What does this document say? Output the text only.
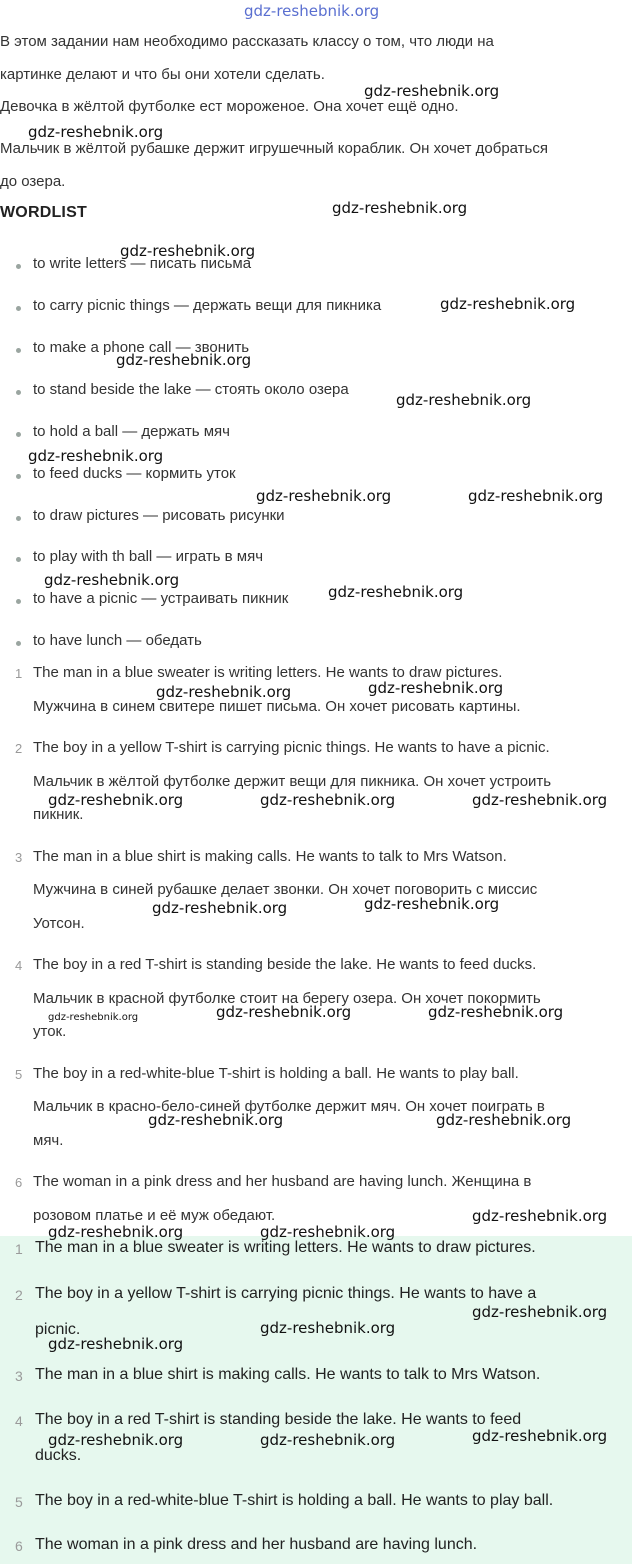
В этом задании нам необходимо рассказать классу о том, что люди на
картинке делают и что бы они хотели сделать.
Девочка в жёлтой футболке ест мороженое. Она хочет ещё одно.
Мальчик в жёлтой рубашке держит игрушечный кораблик. Он хочет добраться
до озера.
WORDLIST
to write letters — писать письма
to carry picnic things — держать вещи для пикника
to make a phone call — звонить
to stand beside the lake — стоять около озера
to hold a ball — держать мяч
to feed ducks — кормить уток
to draw pictures — рисовать рисунки
to play with th ball — играть в мяч
to have a picnic — устраивать пикник
to have lunch — обедать
1 The man in a blue sweater is writing letters. He wants to draw pictures.
Мужчина в синем свитере пишет письма. Он хочет рисовать картины.
2 The boy in a yellow T-shirt is carrying picnic things. He wants to have a picnic.
Мальчик в жёлтой футболке держит вещи для пикника. Он хочет устроить
пикник.
3 The man in a blue shirt is making calls. He wants to talk to Mrs Watson.
Мужчина в синей рубашке делает звонки. Он хочет поговорить с миссис
Уотсон.
4 The boy in a red T-shirt is standing beside the lake. He wants to feed ducks.
Мальчик в красной футболке стоит на берегу озера. Он хочет покормить
уток.
5 The boy in a red-white-blue T-shirt is holding a ball. He wants to play ball.
Мальчик в красно-бело-синей футболке держит мяч. Он хочет поиграть в
мяч.
6 The woman in a pink dress and her husband are having lunch. Женщина в
розовом платье и её муж обедают.
1 The man in a blue sweater is writing letters. He wants to draw pictures.
2 The boy in a yellow T-shirt is carrying picnic things. He wants to have a
picnic.
3 The man in a blue shirt is making calls. He wants to talk to Mrs Watson.
4 The boy in a red T-shirt is standing beside the lake. He wants to feed
ducks.
5 The boy in a red-white-blue T-shirt is holding a ball. He wants to play ball.
6 The woman in a pink dress and her husband are having lunch.
gdz-reshebnik.org
gdz-reshebnik.org
gdz-reshebnik.org
gdz-reshebnik.org
gdz-reshebnik.org
gdz-reshebnik.org
gdz-reshebnik.org
gdz-reshebnik.org
gdz-reshebnik.org
gdz-reshebnik.org	gdz-reshebnik.org
gdz-reshebnik.org
gdz-reshebnik.org
gdz-reshebnik.org	gdz-reshebnik.org
gdz-reshebnik.org	gdz-reshebnik.org	gdz-reshebnik.org
gdz-reshebnik.org	gdz-reshebnik.org
gdz-reshebnik.org	gdz-reshebnik.org	gdz-reshebnik.org
gdz-reshebnik.org	gdz-reshebnik.org
gdz-reshebnik.org
gdz-reshebnik.org	gdz-reshebnik.org
gdz-reshebnik.org
gdz-reshebnik.org
gdz-reshebnik.org
gdz-reshebnik.org
gdz-reshebnik.org	gdz-reshebnik.org
